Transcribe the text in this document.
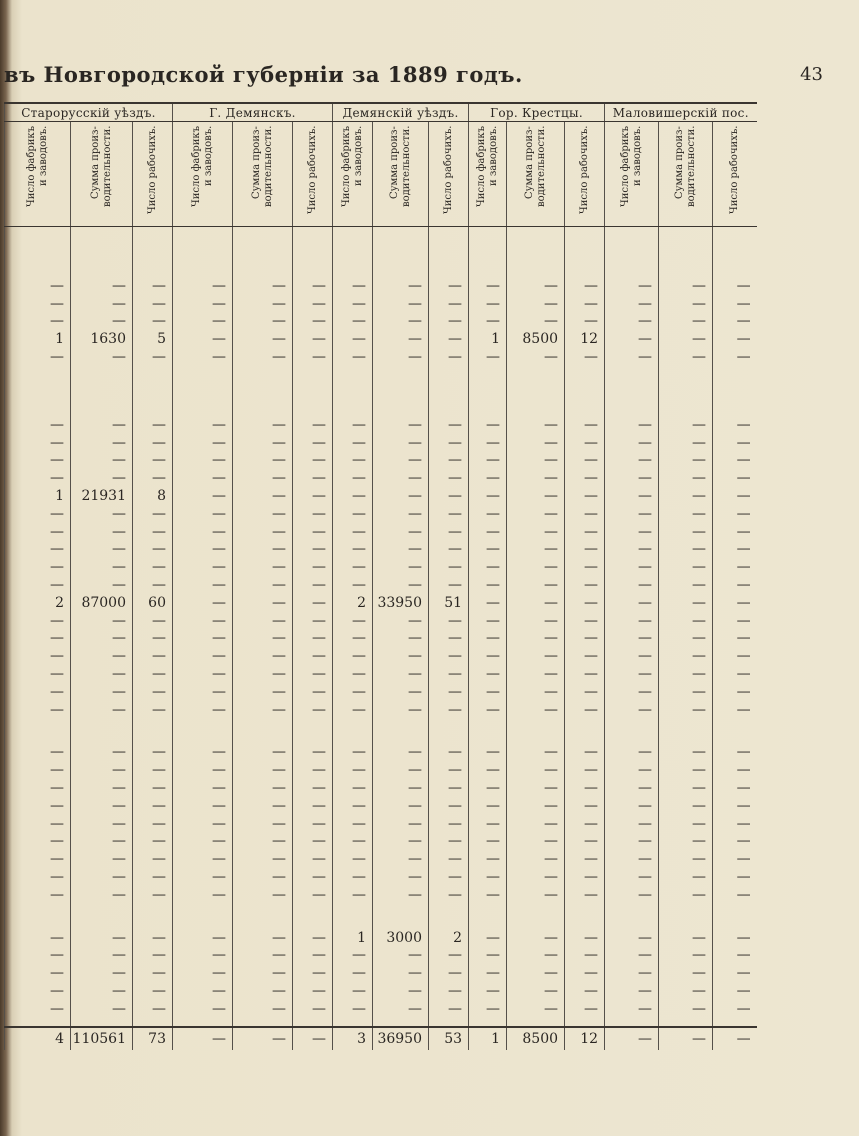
въ Новгородской губерніи за 1889 годъ.	43
Старорусскій уѣздъ.			Г. Демянскъ.			Демянскій уѣздъ.			Гор. Крестцы.			Маловишерскій пос.		

Число фабрикъ
и заводовъ.	Сумма произ-
водительности.	Число рабочихъ.	Число фабрикъ
и заводовъ.	Сумма произ-
водительности.	Число рабочихъ.	Число фабрикъ
и заводовъ.	Сумма произ-
водительности.	Число рабочихъ.	Число фабрикъ
и заводовъ.	Сумма произ-
водительности.	Число рабочихъ.	Число фабрикъ
и заводовъ.	Сумма произ-
водительности.	Число рабочихъ.

—	—	—	—	—	—	—	—	—	—	—	—	—	—	—
—	—	—	—	—	—	—	—	—	—	—	—	—	—	—
—	—	—	—	—	—	—	—	—	—	—	—	—	—	—
1	1630	5	—	—	—	—	—	—	1	8500	12	—	—	—
—	—	—	—	—	—	—	—	—	—	—	—	—	—	—

—	—	—	—	—	—	—	—	—	—	—	—	—	—	—
—	—	—	—	—	—	—	—	—	—	—	—	—	—	—
—	—	—	—	—	—	—	—	—	—	—	—	—	—	—
—	—	—	—	—	—	—	—	—	—	—	—	—	—	—
1	21931	8	—	—	—	—	—	—	—	—	—	—	—	—
—	—	—	—	—	—	—	—	—	—	—	—	—	—	—
—	—	—	—	—	—	—	—	—	—	—	—	—	—	—
—	—	—	—	—	—	—	—	—	—	—	—	—	—	—
—	—	—	—	—	—	—	—	—	—	—	—	—	—	—
—	—	—	—	—	—	—	—	—	—	—	—	—	—	—
2	87000	60	—	—	—	2	33950	51	—	—	—	—	—	—
—	—	—	—	—	—	—	—	—	—	—	—	—	—	—
—	—	—	—	—	—	—	—	—	—	—	—	—	—	—
—	—	—	—	—	—	—	—	—	—	—	—	—	—	—
—	—	—	—	—	—	—	—	—	—	—	—	—	—	—
—	—	—	—	—	—	—	—	—	—	—	—	—	—	—
—	—	—	—	—	—	—	—	—	—	—	—	—	—	—

—	—	—	—	—	—	—	—	—	—	—	—	—	—	—
—	—	—	—	—	—	—	—	—	—	—	—	—	—	—
—	—	—	—	—	—	—	—	—	—	—	—	—	—	—
—	—	—	—	—	—	—	—	—	—	—	—	—	—	—
—	—	—	—	—	—	—	—	—	—	—	—	—	—	—
—	—	—	—	—	—	—	—	—	—	—	—	—	—	—
—	—	—	—	—	—	—	—	—	—	—	—	—	—	—
—	—	—	—	—	—	—	—	—	—	—	—	—	—	—
—	—	—	—	—	—	—	—	—	—	—	—	—	—	—

—	—	—	—	—	—	1	3000	2	—	—	—	—	—	—
—	—	—	—	—	—	—	—	—	—	—	—	—	—	—
—	—	—	—	—	—	—	—	—	—	—	—	—	—	—
—	—	—	—	—	—	—	—	—	—	—	—	—	—	—
—	—	—	—	—	—	—	—	—	—	—	—	—	—	—

4	110561	73	—	—	—	3	36950	53	1	8500	12	—	—	—
